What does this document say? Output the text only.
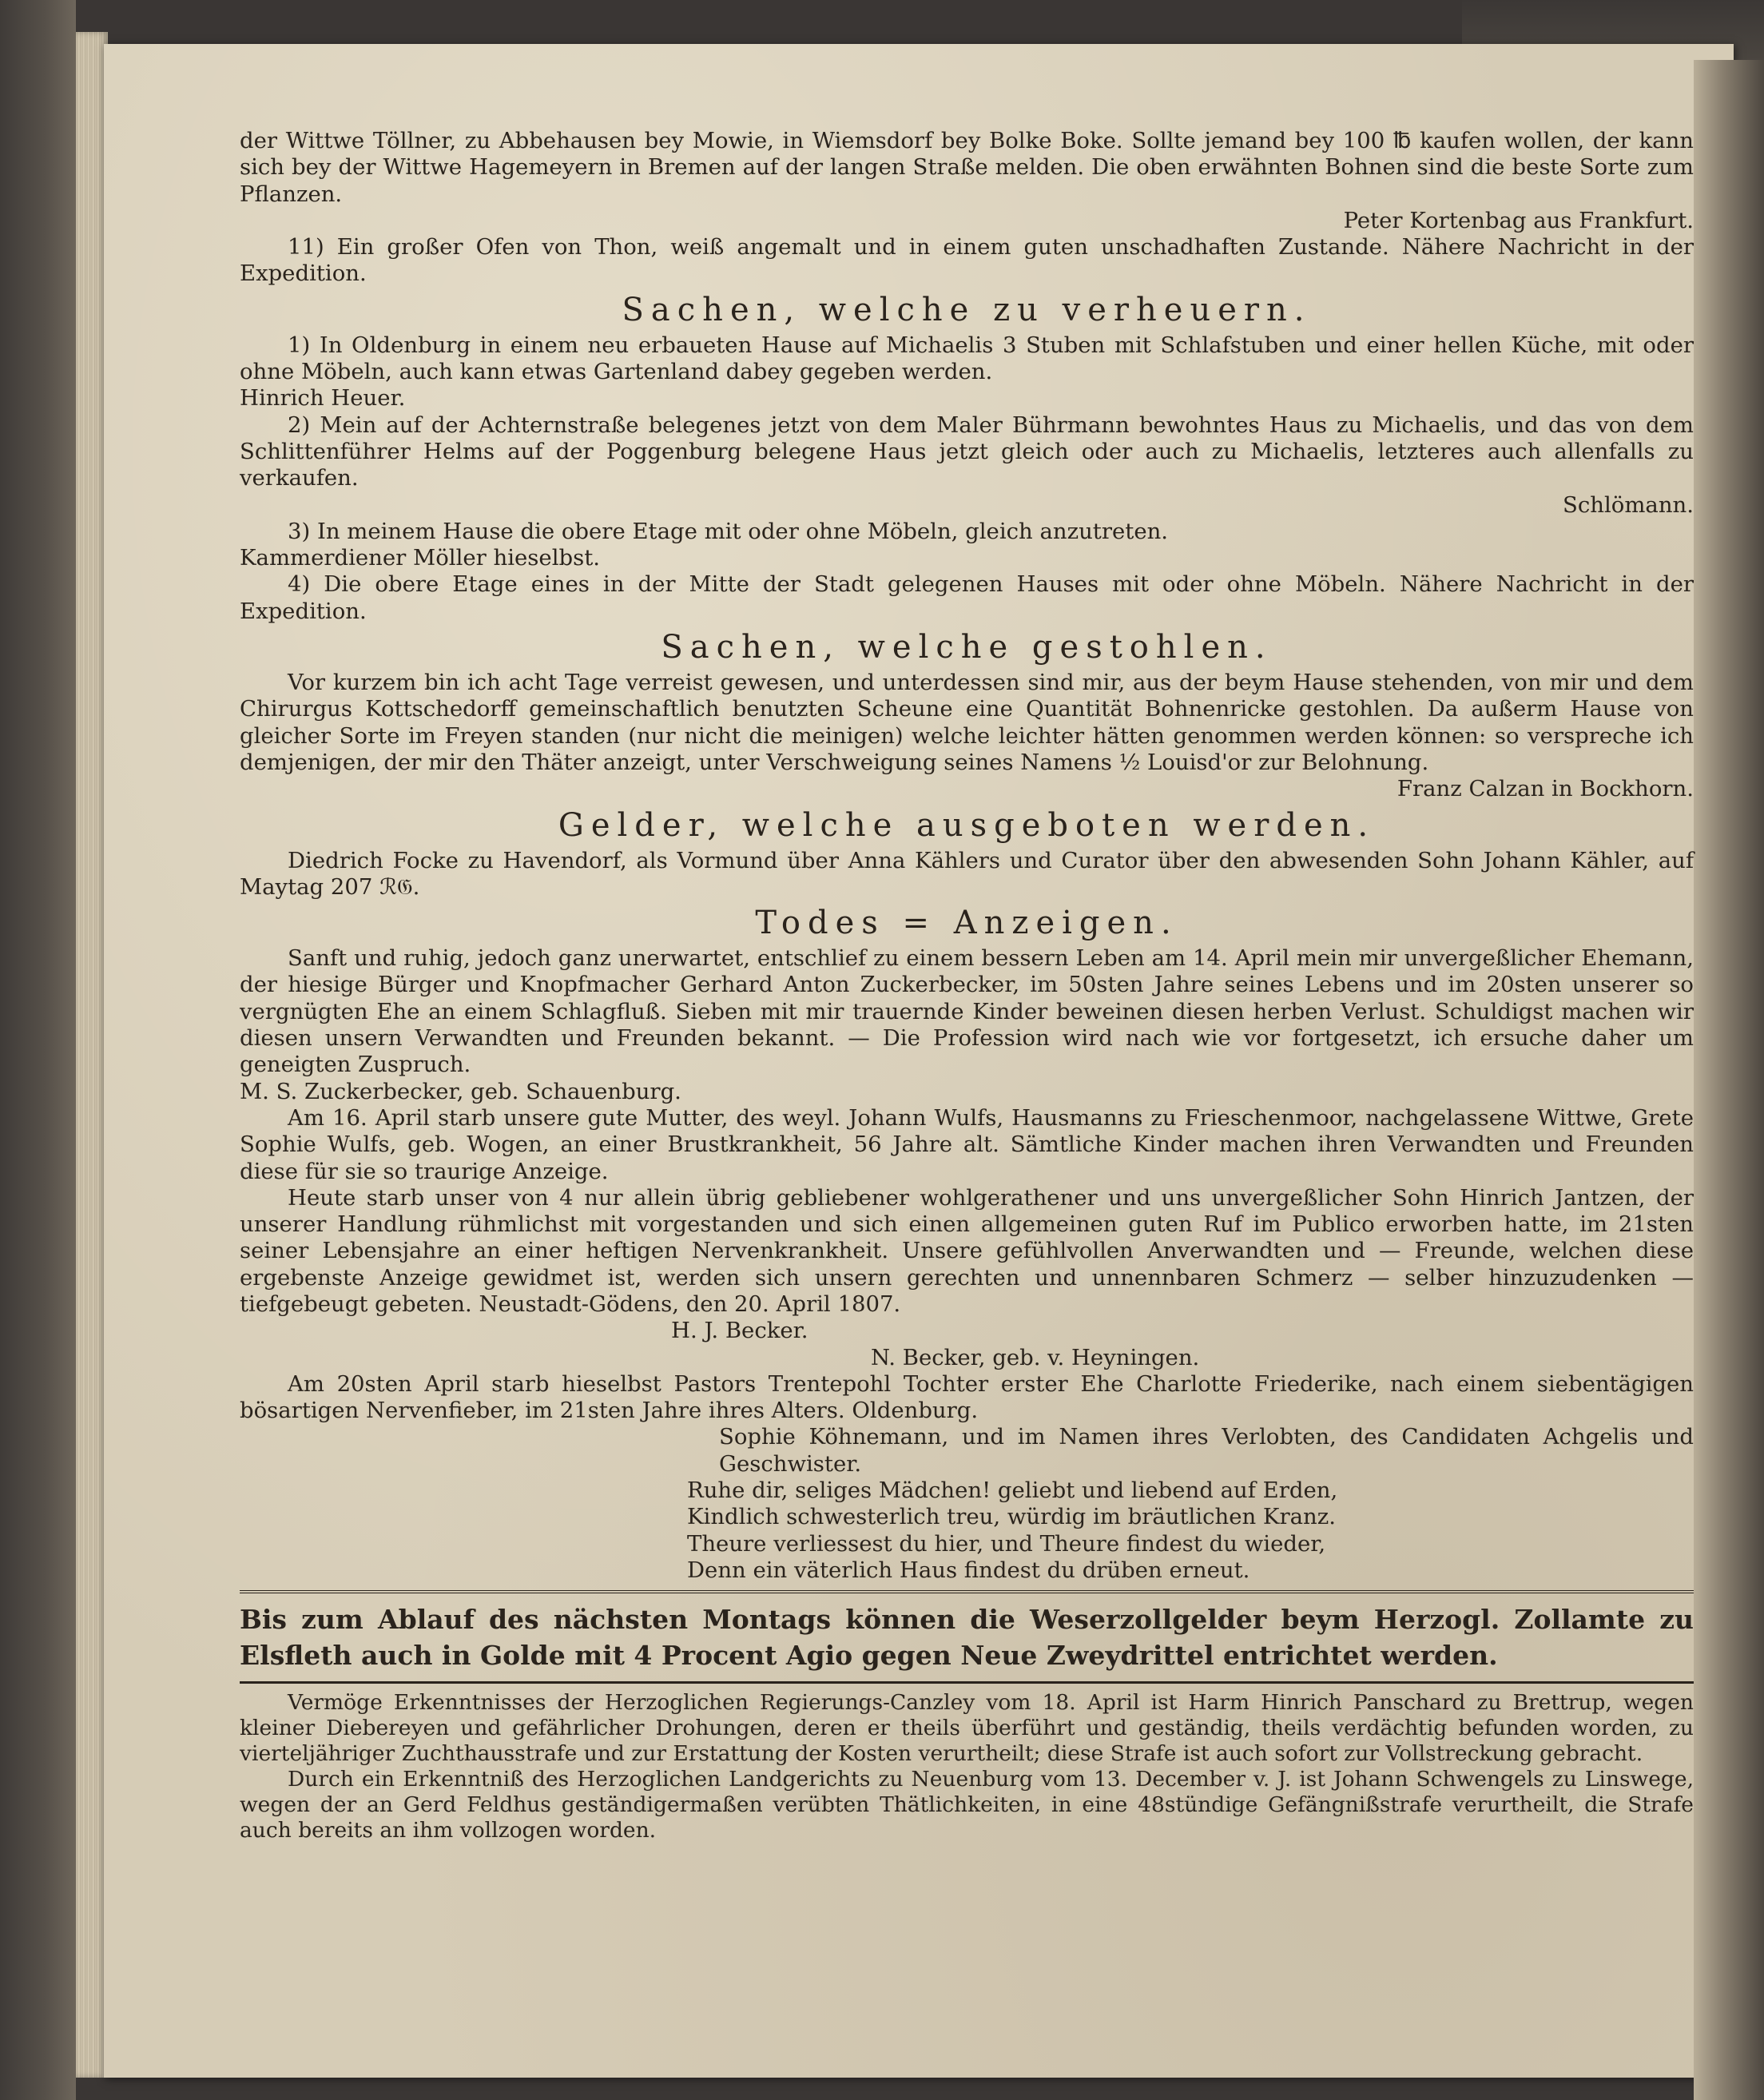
der Wittwe Töllner, zu Abbehausen bey Mowie, in Wiemsdorf bey Bolke Boke. Sollte jemand bey 100 ℔ kaufen wollen, der kann sich bey der Wittwe Hagemeyern in Bremen auf der langen Straße melden. Die oben erwähnten Bohnen sind die beste Sorte zum Pflanzen.

Peter Kortenbag aus Frankfurt.

11) Ein großer Ofen von Thon, weiß angemalt und in einem guten unschadhaften Zustande. Nähere Nachricht in der Expedition.

Sachen, welche zu verheuern.

1) In Oldenburg in einem neu erbaueten Hause auf Michaelis 3 Stuben mit Schlafstuben und einer hellen Küche, mit oder ohne Möbeln, auch kann etwas Gartenland dabey gegeben werden.

Hinrich Heuer.

2) Mein auf der Achternstraße belegenes jetzt von dem Maler Bührmann bewohntes Haus zu Michaelis, und das von dem Schlittenführer Helms auf der Poggenburg belegene Haus jetzt gleich oder auch zu Michaelis, letzteres auch allenfalls zu verkaufen.

Schlömann.

3) In meinem Hause die obere Etage mit oder ohne Möbeln, gleich anzutreten.

Kammerdiener Möller hieselbst.

4) Die obere Etage eines in der Mitte der Stadt gelegenen Hauses mit oder ohne Möbeln. Nähere Nachricht in der Expedition.

Sachen, welche gestohlen.

Vor kurzem bin ich acht Tage verreist gewesen, und unterdessen sind mir, aus der beym Hause stehenden, von mir und dem Chirurgus Kottschedorff gemeinschaftlich benutzten Scheune eine Quantität Bohnenricke gestohlen. Da außerm Hause von gleicher Sorte im Freyen standen (nur nicht die meinigen) welche leichter hätten genommen werden können: so verspreche ich demjenigen, der mir den Thäter anzeigt, unter Verschweigung seines Namens ½ Louisd'or zur Belohnung.

Franz Calzan in Bockhorn.

Gelder, welche ausgeboten werden.

Diedrich Focke zu Havendorf, als Vormund über Anna Kählers und Curator über den abwesenden Sohn Johann Kähler, auf Maytag 207 ℛ𝔊.

Todes = Anzeigen.

Sanft und ruhig, jedoch ganz unerwartet, entschlief zu einem bessern Leben am 14. April mein mir unvergeßlicher Ehemann, der hiesige Bürger und Knopfmacher Gerhard Anton Zuckerbecker, im 50sten Jahre seines Lebens und im 20sten unserer so vergnügten Ehe an einem Schlagfluß. Sieben mit mir trauernde Kinder beweinen diesen herben Verlust. Schuldigst machen wir diesen unsern Verwandten und Freunden bekannt. — Die Profession wird nach wie vor fortgesetzt, ich ersuche daher um geneigten Zuspruch.

M. S. Zuckerbecker, geb. Schauenburg.

Am 16. April starb unsere gute Mutter, des weyl. Johann Wulfs, Hausmanns zu Frieschenmoor, nachgelassene Wittwe, Grete Sophie Wulfs, geb. Wogen, an einer Brustkrankheit, 56 Jahre alt. Sämtliche Kinder machen ihren Verwandten und Freunden diese für sie so traurige Anzeige.

Heute starb unser von 4 nur allein übrig gebliebener wohlgerathener und uns unvergeßlicher Sohn Hinrich Jantzen, der unserer Handlung rühmlichst mit vorgestanden und sich einen allgemeinen guten Ruf im Publico erworben hatte, im 21sten seiner Lebensjahre an einer heftigen Nervenkrankheit. Unsere gefühlvollen Anverwandten und — Freunde, welchen diese ergebenste Anzeige gewidmet ist, werden sich unsern gerechten und unnennbaren Schmerz — selber hinzuzudenken — tiefgebeugt gebeten. Neustadt-Gödens, den 20. April 1807.

H. J. Becker.

N. Becker, geb. v. Heyningen.

Am 20sten April starb hieselbst Pastors Trentepohl Tochter erster Ehe Charlotte Friederike, nach einem siebentägigen bösartigen Nervenfieber, im 21sten Jahre ihres Alters. Oldenburg.

Sophie Köhnemann, und im Namen ihres Verlobten, des Candidaten Achgelis und Geschwister.

Ruhe dir, seliges Mädchen! geliebt und liebend auf Erden,

Kindlich schwesterlich treu, würdig im bräutlichen Kranz.

Theure verliessest du hier, und Theure findest du wieder,

Denn ein väterlich Haus findest du drüben erneut.

Bis zum Ablauf des nächsten Montags können die Weserzollgelder beym Herzogl. Zollamte zu Elsfleth auch in Golde mit 4 Procent Agio gegen Neue Zweydrittel entrichtet werden.

Vermöge Erkenntnisses der Herzoglichen Regierungs-Canzley vom 18. April ist Harm Hinrich Panschard zu Brettrup, wegen kleiner Diebereyen und gefährlicher Drohungen, deren er theils überführt und geständig, theils verdächtig befunden worden, zu vierteljähriger Zuchthausstrafe und zur Erstattung der Kosten verurtheilt; diese Strafe ist auch sofort zur Vollstreckung gebracht.

Durch ein Erkenntniß des Herzoglichen Landgerichts zu Neuenburg vom 13. December v. J. ist Johann Schwengels zu Linswege, wegen der an Gerd Feldhus geständigermaßen verübten Thätlichkeiten, in eine 48stündige Gefängnißstrafe verurtheilt, die Strafe auch bereits an ihm vollzogen worden.
